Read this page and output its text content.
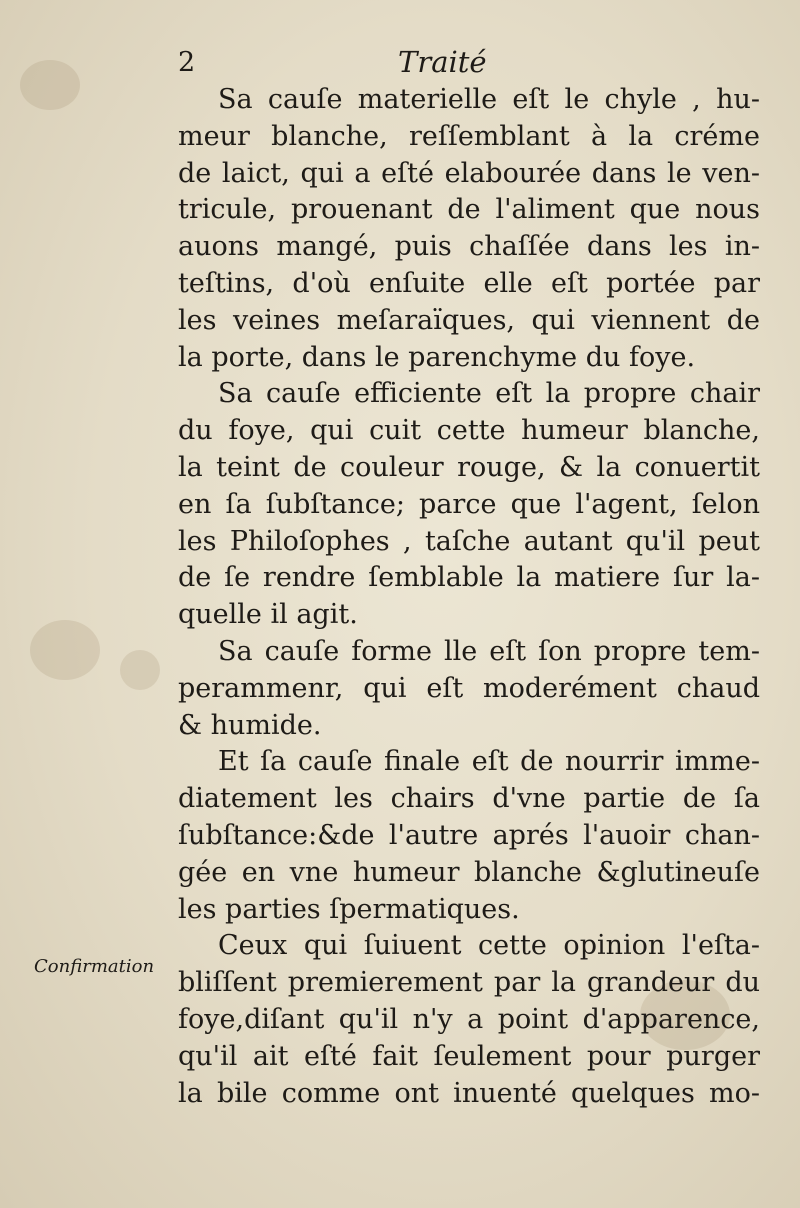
2	Traité
Confirmation
Sa cauſe materielle eſt le chyle , hu-
meur blanche, reſſemblant à la créme
de laict, qui a eſté elabourée dans le ven-
tricule, prouenant de l'aliment que nous
auons mangé, puis chaſſée dans les in-
teſtins, d'où enſuite elle eſt portée par
les veines meſaraïques, qui viennent de
la porte, dans le parenchyme du foye.
Sa cauſe efficiente eſt la propre chair
du foye, qui cuit cette humeur blanche,
la teint de couleur rouge, & la conuertit
en ſa ſubſtance; parce que l'agent, ſelon
les Philoſophes , taſche autant qu'il peut
de ſe rendre ſemblable la matiere ſur la-
quelle il agit.
Sa cauſe forme lle eſt ſon propre tem-
perammenr, qui eſt moderément chaud
& humide.
Et ſa cauſe finale eſt de nourrir imme-
diatement les chairs d'vne partie de ſa
ſubſtance:&de l'autre aprés l'auoir chan-
gée en vne humeur blanche &glutineuſe
les parties ſpermatiques.
Ceux qui ſuiuent cette opinion l'eſta-
bliſſent premierement par la grandeur du
foye,diſant qu'il n'y a point d'apparence,
qu'il ait eſté fait ſeulement pour purger
la bile comme ont inuenté quelques mo-
